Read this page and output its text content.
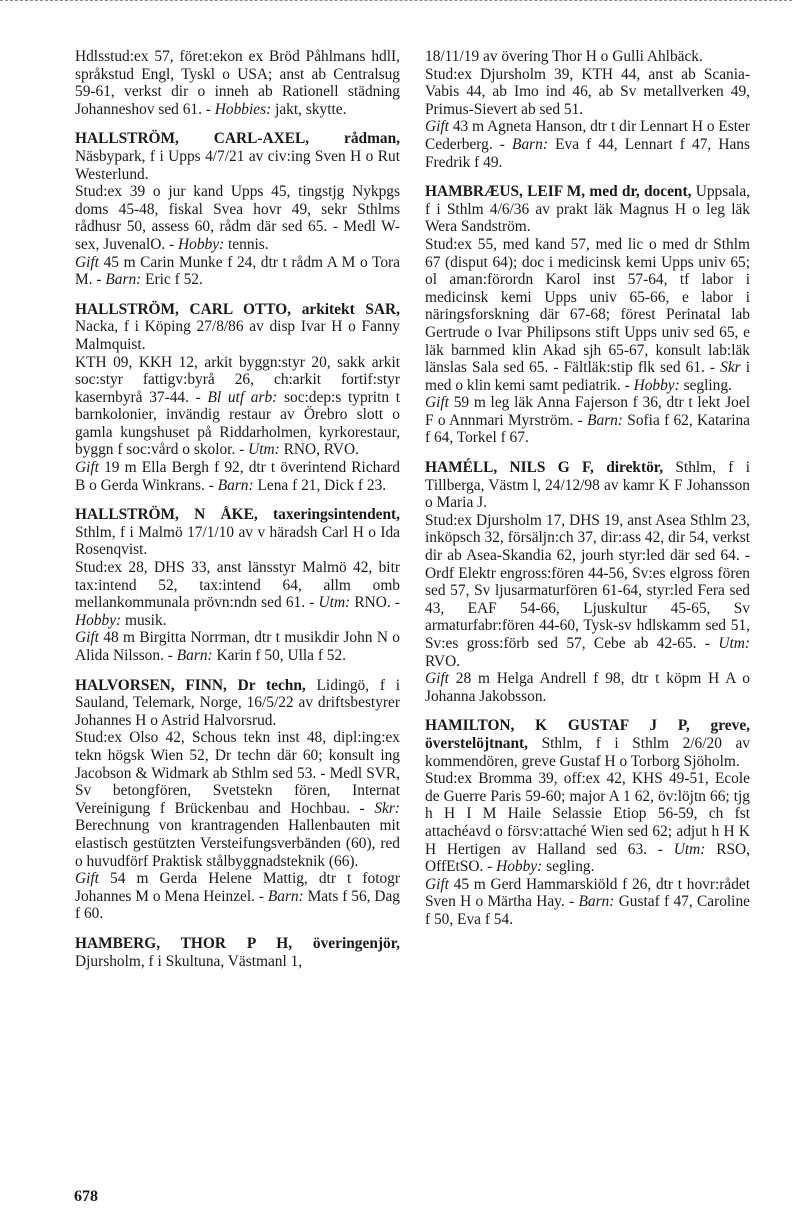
Hdlsstud:ex 57, föret:ekon ex Bröd Påhlmans hdlI, språkstud Engl, Tyskl o USA; anst ab Centralsug 59-61, verkst dir o inneh ab Rationell städning Johanneshov sed 61. - Hobbies: jakt, skytte.

HALLSTRÖM, CARL-AXEL, rådman, Näsbypark, f i Upps 4/7/21 av civ:ing Sven H o Rut Westerlund.

Stud:ex 39 o jur kand Upps 45, tingstjg Nykpgs doms 45-48, fiskal Svea hovr 49, sekr Sthlms rådhusr 50, assess 60, rådm där sed 65. - Medl W-sex, JuvenalO. - Hobby: tennis.

Gift 45 m Carin Munke f 24, dtr t rådm A M o Tora M. - Barn: Eric f 52.

HALLSTRÖM, CARL OTTO, arkitekt SAR, Nacka, f i Köping 27/8/86 av disp Ivar H o Fanny Malmquist.

KTH 09, KKH 12, arkit byggn:styr 20, sakk arkit soc:styr fattigv:byrå 26, ch:arkit fortif:styr kasernbyrå 37-44. - Bl utf arb: soc:dep:s typritn t barnkolonier, invändig restaur av Örebro slott o gamla kungshuset på Riddarholmen, kyrkorestaur, byggn f soc:vård o skolor. - Utm: RNO, RVO.

Gift 19 m Ella Bergh f 92, dtr t överintend Richard B o Gerda Winkrans. - Barn: Lena f 21, Dick f 23.

HALLSTRÖM, N ÅKE, taxeringsintendent, Sthlm, f i Malmö 17/1/10 av v häradsh Carl H o Ida Rosenqvist.

Stud:ex 28, DHS 33, anst länsstyr Malmö 42, bitr tax:intend 52, tax:intend 64, allm omb mellankommunala prövn:ndn sed 61. - Utm: RNO. - Hobby: musik.

Gift 48 m Birgitta Norrman, dtr t musikdir John N o Alida Nilsson. - Barn: Karin f 50, Ulla f 52.

HALVORSEN, FINN, Dr techn, Lidingö, f i Sauland, Telemark, Norge, 16/5/22 av driftsbestyrer Johannes H o Astrid Halvorsrud.

Stud:ex Olso 42, Schous tekn inst 48, dipl:ing:ex tekn högsk Wien 52, Dr techn där 60; konsult ing Jacobson & Widmark ab Sthlm sed 53. - Medl SVR, Sv betongfören, Svetstekn fören, Internat Vereinigung f Brückenbau and Hochbau. - Skr: Berechnung von krantragenden Hallenbauten mit elastisch gestützten Versteifungsverbänden (60), red o huvudförf Praktisk stålbyggnadsteknik (66).

Gift 54 m Gerda Helene Mattig, dtr t fotogr Johannes M o Mena Heinzel. - Barn: Mats f 56, Dag f 60.

HAMBERG, THOR P H, överingenjör, Djursholm, f i Skultuna, Västmanl 1,

18/11/19 av övering Thor H o Gulli Ahlbäck.

Stud:ex Djursholm 39, KTH 44, anst ab Scania-Vabis 44, ab Imo ind 46, ab Sv metallverken 49, Primus-Sievert ab sed 51.

Gift 43 m Agneta Hanson, dtr t dir Lennart H o Ester Cederberg. - Barn: Eva f 44, Lennart f 47, Hans Fredrik f 49.

HAMBRÆUS, LEIF M, med dr, docent, Uppsala, f i Sthlm 4/6/36 av prakt läk Magnus H o leg läk Wera Sandström.

Stud:ex 55, med kand 57, med lic o med dr Sthlm 67 (disput 64); doc i medicinsk kemi Upps univ 65; ol aman:förordn Karol inst 57-64, tf labor i medicinsk kemi Upps univ 65-66, e labor i näringsforskning där 67-68; förest Perinatal lab Gertrude o Ivar Philipsons stift Upps univ sed 65, e läk barnmed klin Akad sjh 65-67, konsult lab:läk länslas Sala sed 65. - Fältläk:stip flk sed 61. - Skr i med o klin kemi samt pediatrik. - Hobby: segling.

Gift 59 m leg läk Anna Fajerson f 36, dtr t lekt Joel F o Annmari Myrström. - Barn: Sofia f 62, Katarina f 64, Torkel f 67.

HAMÉLL, NILS G F, direktör, Sthlm, f i Tillberga, Västm l, 24/12/98 av kamr K F Johansson o Maria J.

Stud:ex Djursholm 17, DHS 19, anst Asea Sthlm 23, inköpsch 32, försäljn:ch 37, dir:ass 42, dir 54, verkst dir ab Asea-Skandia 62, jourh styr:led där sed 64. - Ordf Elektr engross:fören 44-56, Sv:es elgross fören sed 57, Sv ljusarmaturfören 61-64, styr:led Fera sed 43, EAF 54-66, Ljuskultur 45-65, Sv armaturfabr:fören 44-60, Tysk-sv hdlskamm sed 51, Sv:es gross:förb sed 57, Cebe ab 42-65. - Utm: RVO.

Gift 28 m Helga Andrell f 98, dtr t köpm H A o Johanna Jakobsson.

HAMILTON, K GUSTAF J P, greve, överstelöjtnant, Sthlm, f i Sthlm 2/6/20 av kommendören, greve Gustaf H o Torborg Sjöholm.

Stud:ex Bromma 39, off:ex 42, KHS 49-51, Ecole de Guerre Paris 59-60; major A 1 62, öv:löjtn 66; tjg h H I M Haile Selassie Etiop 56-59, ch fst attachéavd o försv:attaché Wien sed 62; adjut h H K H Hertigen av Halland sed 63. - Utm: RSO, OffEtSO. - Hobby: segling.

Gift 45 m Gerd Hammarskiöld f 26, dtr t hovr:rådet Sven H o Märtha Hay. - Barn: Gustaf f 47, Caroline f 50, Eva f 54.

678
